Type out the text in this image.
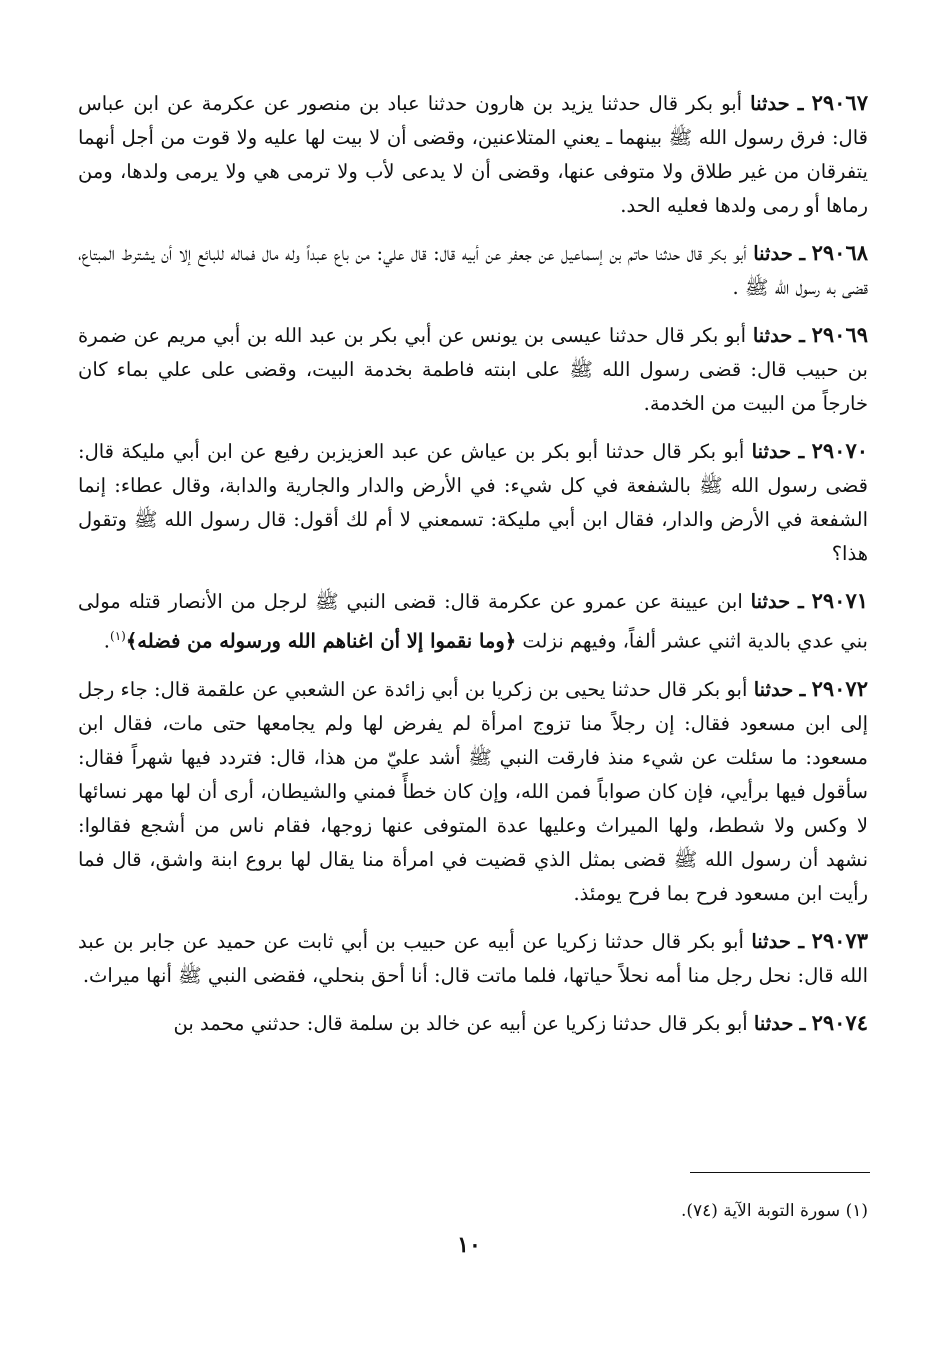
٢٩٠٦٧ ـ حدثنا أبو بكر قال حدثنا يزيد بن هارون حدثنا عباد بن منصور عن عكرمة عن ابن عباس قال: فرق رسول الله ﷺ بينهما ـ يعني المتلاعنين، وقضى أن لا بيت لها عليه ولا قوت من أجل أنهما يتفرقان من غير طلاق ولا متوفى عنها، وقضى أن لا يدعى لأب ولا ترمى هي ولا يرمى ولدها، ومن رماها أو رمى ولدها فعليه الحد.

٢٩٠٦٨ ـ حدثنا أبو بكر قال حدثنا حاتم بن إسماعيل عن جعفر عن أبيه قال: قال علي: من باع عبداً وله مال فماله للبائع إلا أن يشترط المبتاع، قضى به رسول الله ﷺ .

٢٩٠٦٩ ـ حدثنا أبو بكر قال حدثنا عيسى بن يونس عن أبي بكر بن عبد الله بن أبي مريم عن ضمرة بن حبيب قال: قضى رسول الله ﷺ على ابنته فاطمة بخدمة البيت، وقضى على علي بماء كان خارجاً من البيت من الخدمة.

٢٩٠٧٠ ـ حدثنا أبو بكر قال حدثنا أبو بكر بن عياش عن عبد العزيزبن رفيع عن ابن أبي مليكة قال: قضى رسول الله ﷺ بالشفعة في كل شيء: في الأرض والدار والجارية والدابة، وقال عطاء: إنما الشفعة في الأرض والدار، فقال ابن أبي مليكة: تسمعني لا أم لك أقول: قال رسول الله ﷺ وتقول هذا؟

٢٩٠٧١ ـ حدثنا ابن عيينة عن عمرو عن عكرمة قال: قضى النبي ﷺ لرجل من الأنصار قتله مولى بني عدي بالدية اثني عشر ألفاً، وفيهم نزلت ﴿وما نقموا إلا أن اغناهم الله ورسوله من فضله﴾$^{(١)}$.

٢٩٠٧٢ ـ حدثنا أبو بكر قال حدثنا يحيى بن زكريا بن أبي زائدة عن الشعبي عن علقمة قال: جاء رجل إلى ابن مسعود فقال: إن رجلاً منا تزوج امرأة لم يفرض لها ولم يجامعها حتى مات، فقال ابن مسعود: ما سئلت عن شيء منذ فارقت النبي ﷺ أشد عليّ من هذا، قال: فتردد فيها شهراً فقال: سأقول فيها برأيي، فإن كان صواباً فمن الله، وإن كان خطأً فمني والشيطان، أرى أن لها مهر نسائها لا وكس ولا شطط، ولها الميراث وعليها عدة المتوفى عنها زوجها، فقام ناس من أشجع فقالوا: نشهد أن رسول الله ﷺ قضى بمثل الذي قضيت في امرأة منا يقال لها بروع ابنة واشق، قال فما رأيت ابن مسعود فرح بما فرح يومئذ.

٢٩٠٧٣ ـ حدثنا أبو بكر قال حدثنا زكريا عن أبيه عن حبيب بن أبي ثابت عن حميد عن جابر بن عبد الله قال: نحل رجل منا أمه نحلاً حياتها، فلما ماتت قال: أنا أحق بنحلي، فقضى النبي ﷺ أنها ميراث.

٢٩٠٧٤ ـ حدثنا أبو بكر قال حدثنا زكريا عن أبيه عن خالد بن سلمة قال: حدثني محمد بن

(١) سورة التوبة الآية (٧٤).
١٠
